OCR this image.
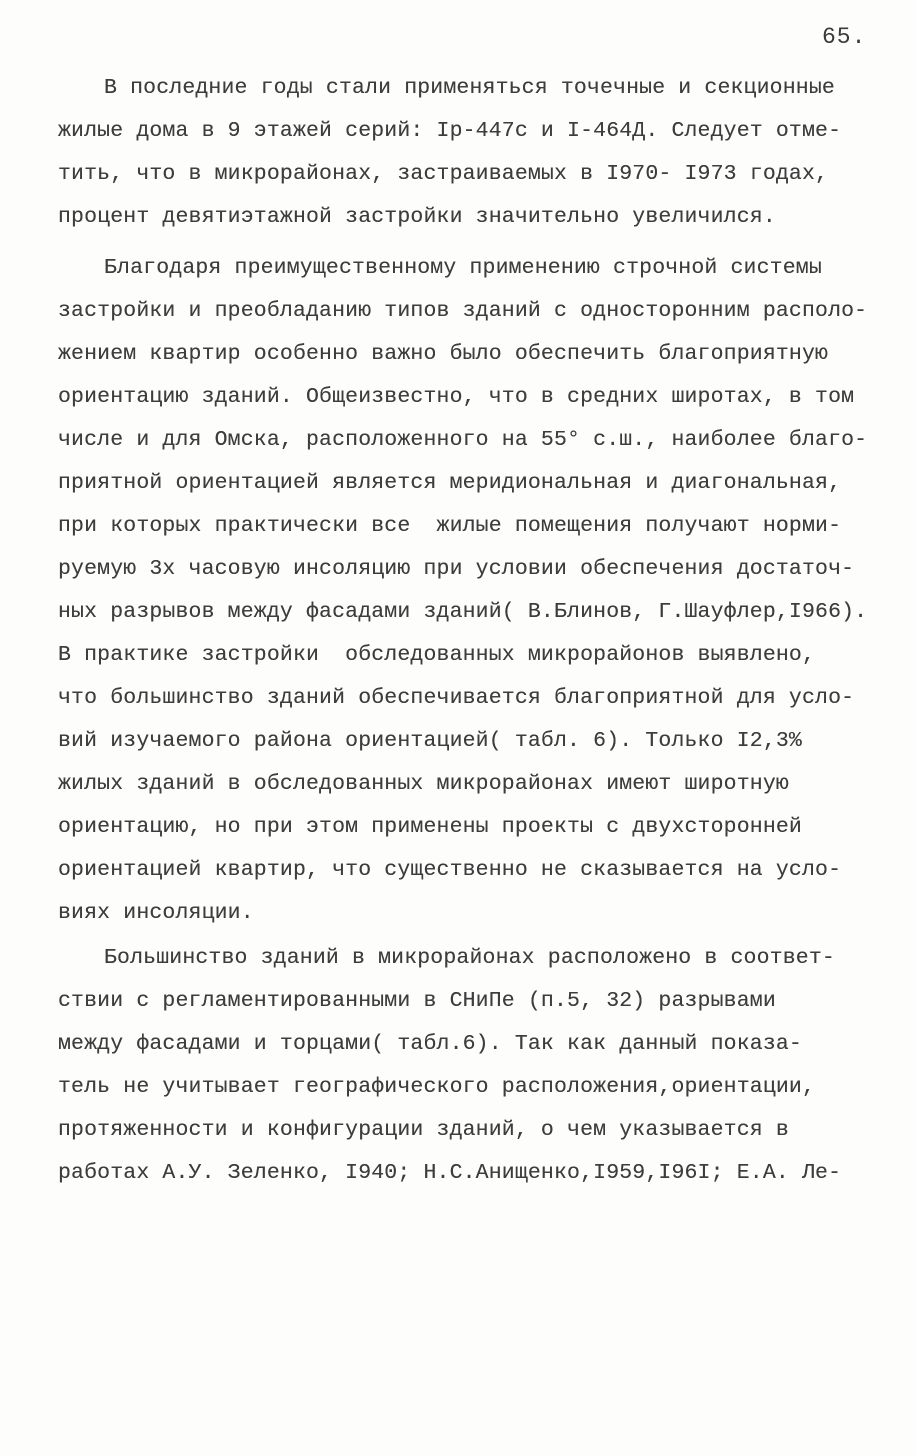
65.
В последние годы стали применяться точечные и секционные
жилые дома в 9 этажей серий: Iр-447с и I-464Д. Следует отме-
тить, что в микрорайонах, застраиваемых в I970- I973 годах,
процент девятиэтажной застройки значительно увеличился.
Благодаря преимущественному применению строчной системы
застройки и преобладанию типов зданий с односторонним располо-
жением квартир особенно важно было обеспечить благоприятную
ориентацию зданий. Общеизвестно, что в средних широтах, в том
числе и для Омска, расположенного на 55° с.ш., наиболее благо-
приятной ориентацией является меридиональная и диагональная,
при которых практически все  жилые помещения получают норми-
руемую 3х часовую инсоляцию при условии обеспечения достаточ-
ных разрывов между фасадами зданий( В.Блинов, Г.Шауфлер,I966).
В практике застройки  обследованных микрорайонов выявлено,
что большинство зданий обеспечивается благоприятной для усло-
вий изучаемого района ориентацией( табл. 6). Только I2,3%
жилых зданий в обследованных микрорайонах имеют широтную
ориентацию, но при этом применены проекты с двухсторонней
ориентацией квартир, что существенно не сказывается на усло-
виях инсоляции.
Большинство зданий в микрорайонах расположено в соответ-
ствии с регламентированными в СНиПе (п.5, 32) разрывами
между фасадами и торцами( табл.6). Так как данный показа-
тель не учитывает географического расположения,ориентации,
протяженности и конфигурации зданий, о чем указывается в
работах А.У. Зеленко, I940; Н.С.Анищенко,I959,I96I; Е.А. Ле-
